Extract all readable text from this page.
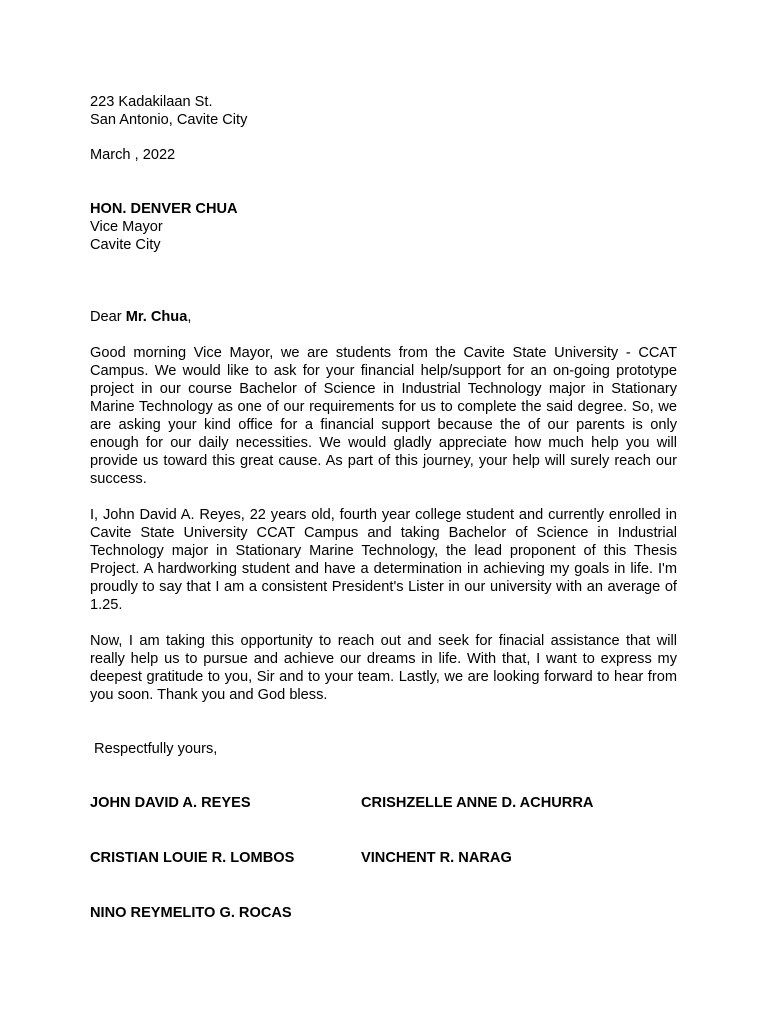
223 Kadakilaan St.
San Antonio, Cavite City
March , 2022
HON. DENVER CHUA
Vice Mayor
Cavite City
Dear Mr. Chua,

Good morning Vice Mayor, we are students from the Cavite State University - CCAT Campus. We would like to ask for your financial help/support for an on-going prototype project in our course Bachelor of Science in Industrial Technology major in Stationary Marine Technology as one of our requirements for us to complete the said degree. So, we are asking your kind office for a financial support because the of our parents is only enough for our daily necessities. We would gladly appreciate how much help you will provide us toward this great cause. As part of this journey, your help will surely reach our success.

I, John David A. Reyes, 22 years old, fourth year college student and currently enrolled in Cavite State University CCAT Campus and taking Bachelor of Science in Industrial Technology major in Stationary Marine Technology, the lead proponent of this Thesis Project. A hardworking student and have a determination in achieving my goals in life. I'm proudly to say that I am a consistent President's Lister in our university with an average of 1.25.

Now, I am taking this opportunity to reach out and seek for finacial assistance that will really help us to pursue and achieve our dreams in life. With that, I want to express my deepest gratitude to you, Sir and to your team. Lastly, we are looking forward to hear from you soon. Thank you and God bless.

Respectfully yours,
JOHN DAVID A. REYES	CRISHZELLE ANNE D. ACHURRA
CRISTIAN LOUIE R. LOMBOS	VINCHENT R. NARAG
NINO REYMELITO G. ROCAS
